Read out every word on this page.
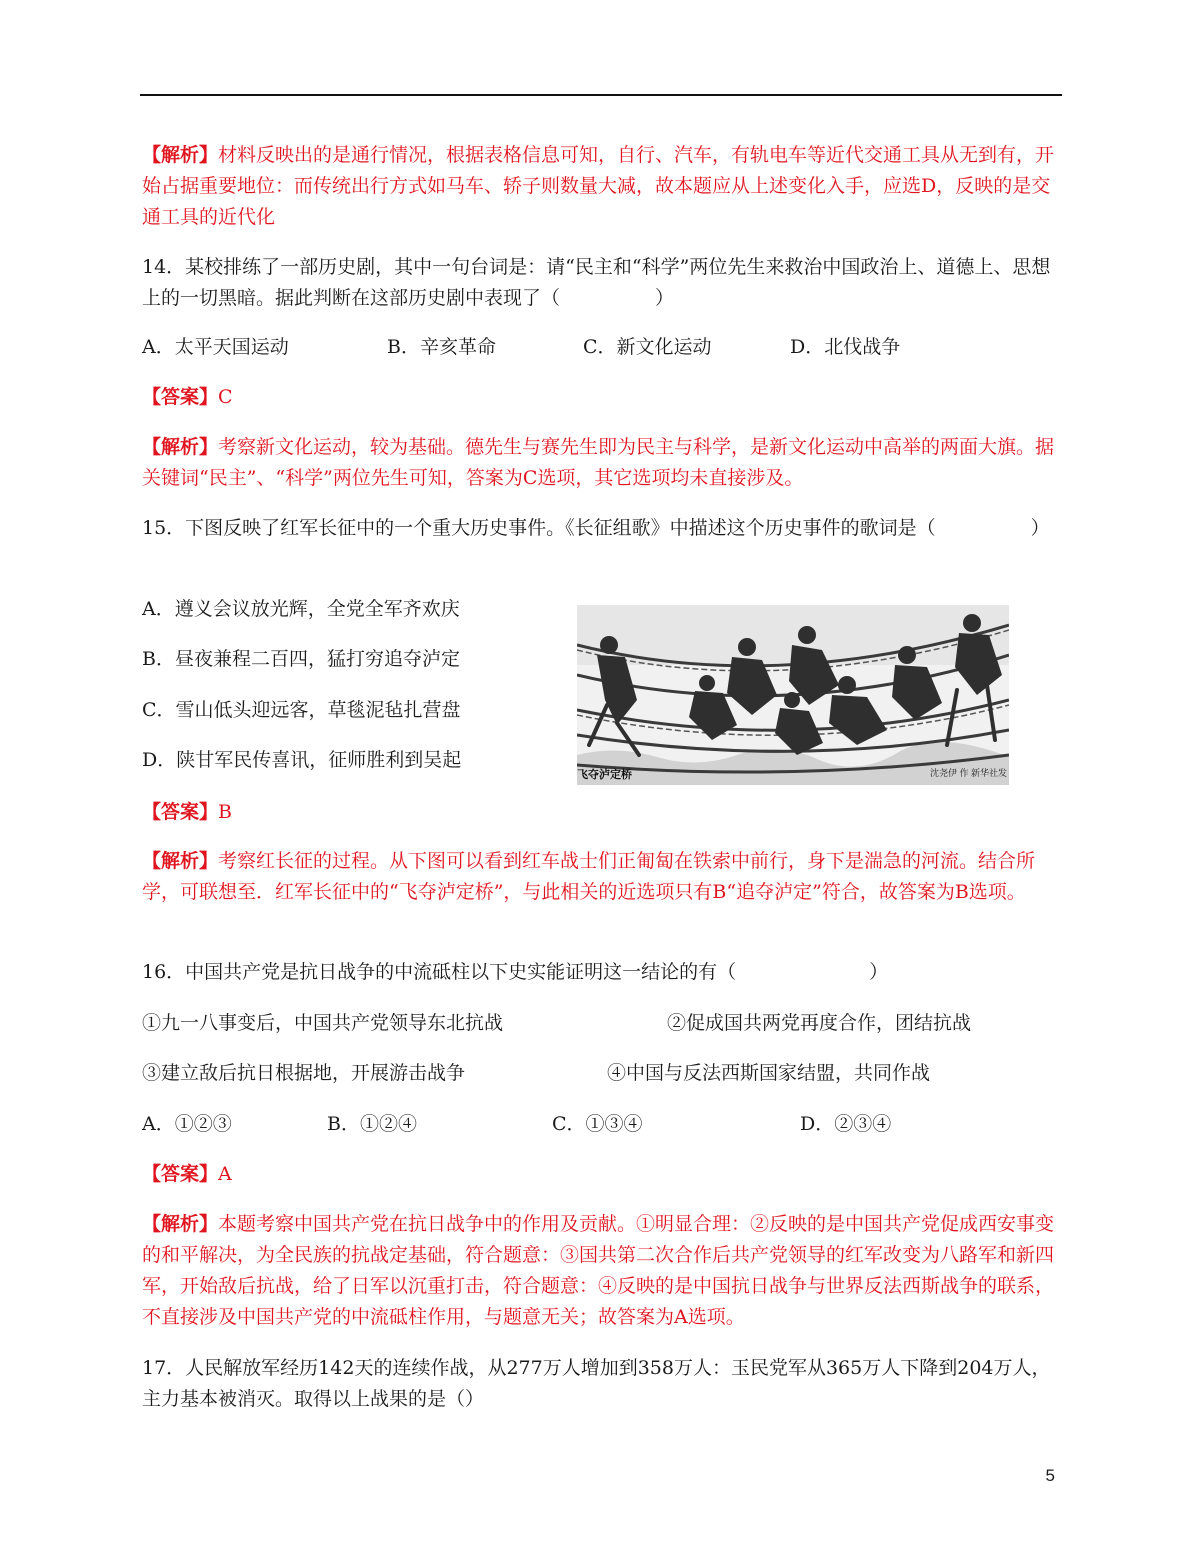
【解析】材料反映出的是通行情况，根据表格信息可知，自行、汽车，有轨电车等近代交通工具从无到有，开始占据重要地位：而传统出行方式如马车、轿子则数量大减，故本题应从上述变化入手，应选D，反映的是交通工具的近代化

14．某校排练了一部历史剧，其中一句台词是：请“民主和“科学”两位先生来救治中国政治上、道德上、思想上的一切黑暗。据此判断在这部历史剧中表现了（　　　　　）

A．太平天国运动	B．辛亥革命	C．新文化运动	D．北伐战争

【答案】C

【解析】考察新文化运动，较为基础。德先生与赛先生即为民主与科学，是新文化运动中高举的两面大旗。据关键词“民主”、“科学”两位先生可知，答案为C选项，其它选项均未直接涉及。

15．下图反映了红军长征中的一个重大历史事件。《长征组歌》中描述这个历史事件的歌词是（　　　　　）

A．遵义会议放光辉，全党全军齐欢庆
B．昼夜兼程二百四，猛打穷追夺泸定
C．雪山低头迎远客，草毯泥毡扎营盘
D．陕甘军民传喜讯，征师胜利到吴起
飞夺泸定桥	沈尧伊 作 新华社发

【答案】B

【解析】考察红长征的过程。从下图可以看到红车战士们正匍匐在铁索中前行，身下是湍急的河流。结合所学，可联想至．红军长征中的“飞夺泸定桥”，与此相关的近选项只有B“追夺泸定”符合，故答案为B选项。

16．中国共产党是抗日战争的中流砥柱以下史实能证明这一结论的有（　　　　　　　）

①九一八事变后，中国共产党领导东北抗战	②促成国共两党再度合作，团结抗战
③建立敌后抗日根据地，开展游击战争	④中国与反法西斯国家结盟，共同作战
A．①②③	B．①②④	C．①③④	D．②③④

【答案】A

【解析】本题考察中国共产党在抗日战争中的作用及贡献。①明显合理：②反映的是中国共产党促成西安事变的和平解决，为全民族的抗战定基础，符合题意：③国共第二次合作后共产党领导的红军改变为八路军和新四军，开始敌后抗战，给了日军以沉重打击，符合题意：④反映的是中国抗日战争与世界反法西斯战争的联系，不直接涉及中国共产党的中流砥柱作用，与题意无关；故答案为A选项。

17．人民解放军经历142天的连续作战，从277万人增加到358万人：玉民党军从365万人下降到204万人，主力基本被消灭。取得以上战果的是（）

5
